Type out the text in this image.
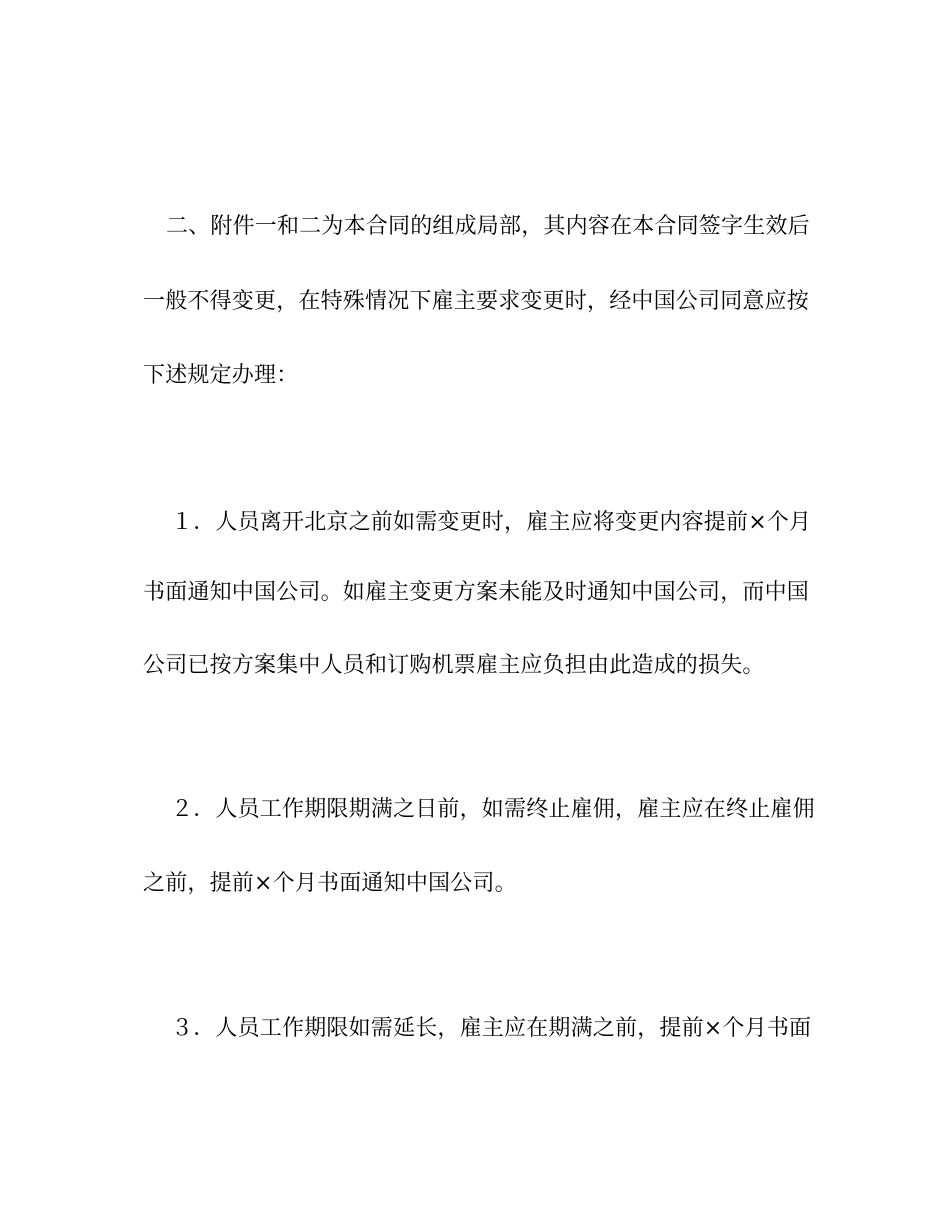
二、附件一和二为本合同的组成局部，其内容在本合同签字生效后
一般不得变更，在特殊情况下雇主要求变更时，经中国公司同意应按
下述规定办理：
１．人员离开北京之前如需变更时，雇主应将变更内容提前×个月
书面通知中国公司。如雇主变更方案未能及时通知中国公司，而中国
公司已按方案集中人员和订购机票雇主应负担由此造成的损失。
２．人员工作期限期满之日前，如需终止雇佣，雇主应在终止雇佣
之前，提前×个月书面通知中国公司。
３．人员工作期限如需延长，雇主应在期满之前，提前×个月书面
